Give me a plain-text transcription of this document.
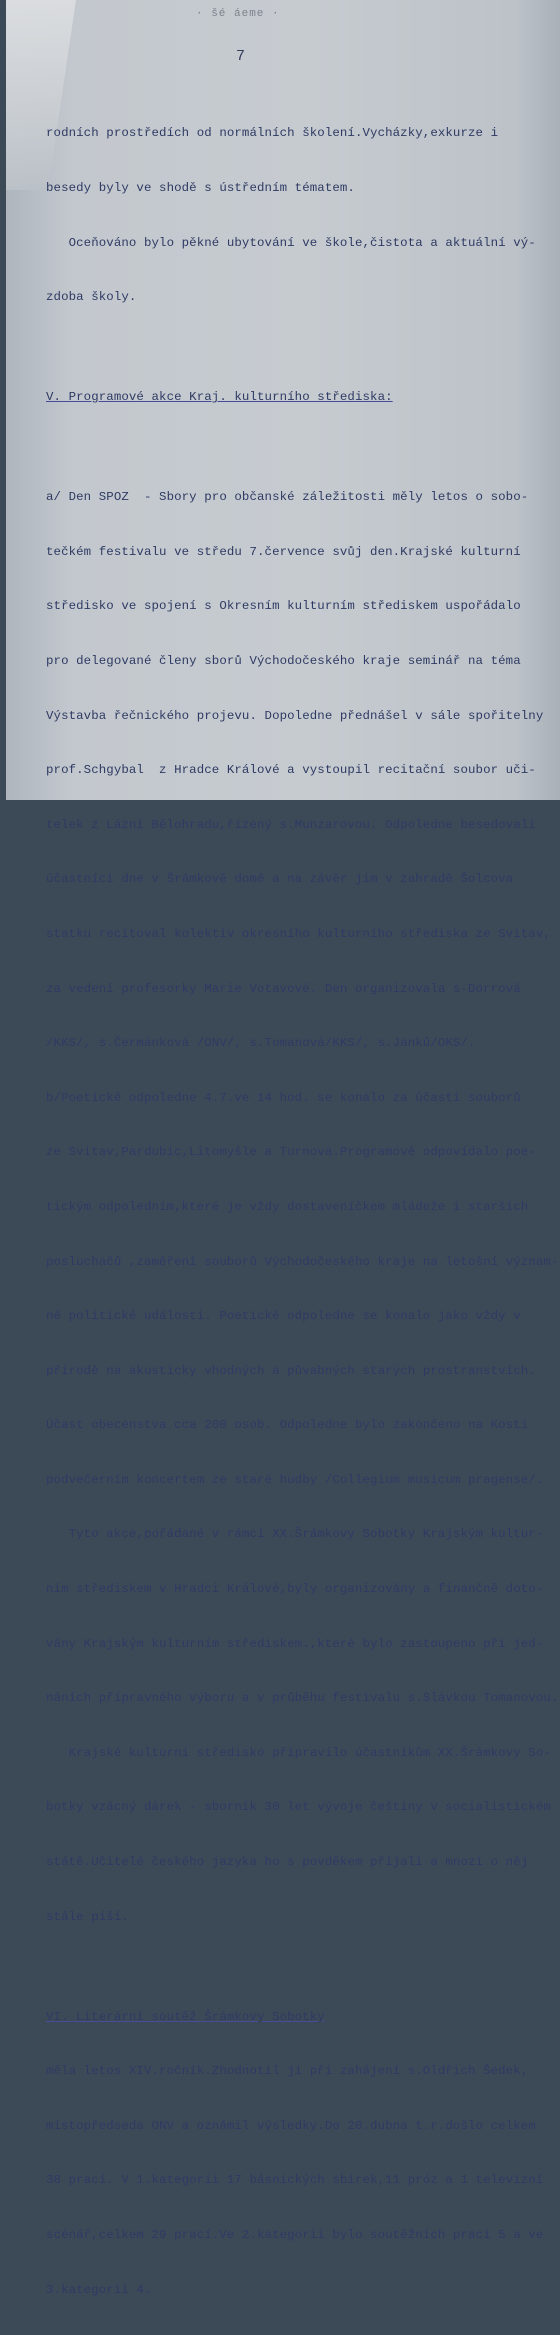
· šé áeme ·
7

rodních prostředích od normálních školení.Vycházky,exkurze i

besedy byly ve shodě s ústředním tématem.

Oceňováno bylo pěkné ubytování ve škole,čistota a aktuální vý-

zdoba školy.

V. Programové akce Kraj. kulturního střediska:

a/ Den SPOZ  - Sbory pro občanské záležitosti měly letos o sobo-

tečkém festivalu ve středu 7.července svůj den.Krajské kulturní

středisko ve spojení s Okresním kulturním střediskem uspořádalo

pro delegované členy sborů Východočeského kraje seminář na téma

Výstavba řečnického projevu. Dopoledne přednášel v sále spořitelny

prof.Schgybal  z Hradce Králové a vystoupil recitační soubor uči-

telek z Lázní Bělohradu,řízený s.Munzarovou. Odpoledne besedovali

účastníci dne v Šrámkově domě a na závěr jim v zahradě Šolcova

statku recitoval kolektiv okresního kulturního střediska ze Svitav,

za vedení profesorky Marie Votavové. Den organizovala s-Dörrová

/KKS/, s.Čermánková /ONV/, s.Tomanová/KKS/, s.Janků/OKS/.

b/Poetické odpoledne 4.7.ve 14 hod. se konalo za účasti souborů

ze Svitav,Pardubic,Litomyšle a Turnova.Programově odpovídalo poe-

tickým odpoledním,které je vždy dostaveníčkem mládeže i starších

posluchačů ,zaměření souborů Východočeského kraje na letošní význam-

né politické události. Poetické odpoledne se konalo jako vždy v

přírodě na akusticky vhodných a půvabných starých prostranstvích.

Účast obecenstva cca 200 osob. Odpoledne bylo zakončeno na Kosti

podvečerním koncertem ze staré hudby /Collegium musicum pragense/.

Tyto akce,pořádané v rámci XX.Šrámkovy Sobotky Krajským kultur-

ním střediskem v Hradci Králové,byly organizovány a finančně doto-

vány Krajským kulturním střediskem.,které bylo zastoupeno při jed-

náních přípravného výboru a v průběhu festivalu s.Slávkou Tomanovou.

Krajské kulturní středisko připravilo účastníkům XX.Šrámkovy So-

botky vzácný dárek - sborník 30 let vývoje češtiny v socialistickém

státě.Učitelé českého jazyka ho s povděkem přijali a mnozí o něj

stále píší.

VI. Literární soutěž Šrámkovy Sobotky

měla letos XIV.ročník.Zhodnotil ji při zahájení s.Oldřich Šedek,

místopředseda ONV a oznámil výsledky.Do 20.dubna t.r.došlo celkem

38 prací. V 1.kategorii 17 básnických sbírek,11 próz a 1 televizní

scénář,celkem 29 prací.Ve 2.kategorii bylo soutěžních prací 5 a ve

3.kategorii 4.
